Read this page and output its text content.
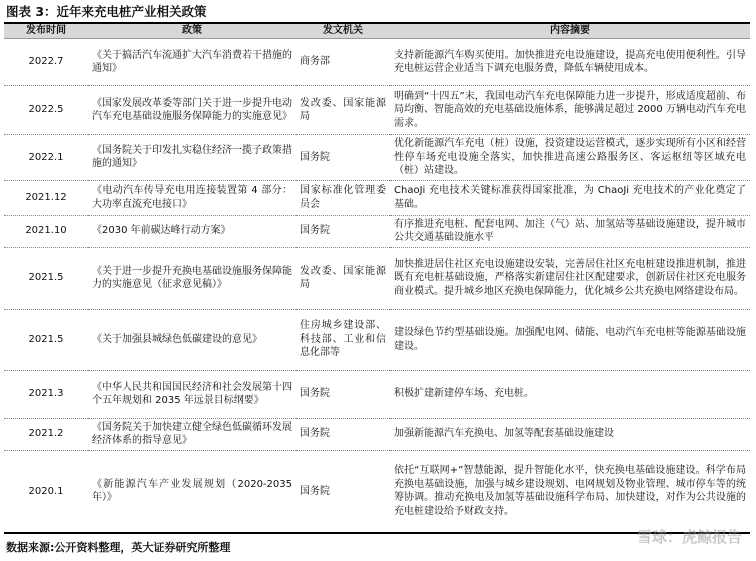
图表 3：近年来充电桩产业相关政策
发布时间	政策	发文机关	内容摘要
2022.7	《关于搞活汽车流通扩大汽车消费若干措施的通知》	商务部	支持新能源汽车购买使用。加快推进充电设施建设，提高充电使用便利性。引导充电桩运营企业适当下调充电服务费，降低车辆使用成本。
2022.5	《国家发展改革委等部门关于进一步提升电动汽车充电基础设施服务保障能力的实施意见》	发改委、国家能源局	明确到“十四五”末，我国电动汽车充电保障能力进一步提升，形成适度超前、布局均衡、智能高效的充电基础设施体系，能够满足超过 2000 万辆电动汽车充电需求。
2022.1	《国务院关于印发扎实稳住经济一揽子政策措施的通知》	国务院	优化新能源汽车充电（桩）设施，投资建设运营模式，逐步实现所有小区和经营性停车场充电设施全落实，加快推进高速公路服务区、客运枢纽等区域充电（桩）站建设。
2021.12	《电动汽车传导充电用连接装置第 4 部分：大功率直流充电接口》	国家标准化管理委员会	ChaoJi 充电技术关键标准获得国家批准，为 ChaoJi 充电技术的产业化奠定了基础。
2021.10	《2030 年前碳达峰行动方案》	国务院	有序推进充电桩、配套电网、加注（气）站、加氢站等基础设施建设，提升城市公共交通基础设施水平
2021.5	《关于进一步提升充换电基础设施服务保障能力的实施意见（征求意见稿）》	发改委、国家能源局	加快推进居住社区充电设施建设安装，完善居住社区充电桩建设推进机制，推进既有充电桩基础设施，严格落实新建居住社区配建要求，创新居住社区充电服务商业模式。提升城乡地区充换电保障能力，优化城乡公共充换电网络建设布局。
2021.5	《关于加强县城绿色低碳建设的意见》	住房城乡建设部、科技部、工业和信息化部等	建设绿色节约型基础设施。加强配电网、储能、电动汽车充电桩等能源基础设施建设。
2021.3	《中华人民共和国国民经济和社会发展第十四个五年规划和 2035 年远景目标纲要》	国务院	积极扩建新建停车场、充电桩。
2021.2	《国务院关于加快建立健全绿色低碳循环发展经济体系的指导意见》	国务院	加强新能源汽车充换电、加氢等配套基础设施建设
2020.1	《新能源汽车产业发展规划（2020-2035 年）》	国务院	依托“互联网+”智慧能源，提升智能化水平，快充换电基础设施建设。科学布局充换电基础设施，加强与城乡建设规划、电网规划及物业管理、城市停车等的统筹协调。推动充换电及加氢等基础设施科学布局、加快建设，对作为公共设施的充电桩建设给予财政支持。
雪球：虎鲸报告
数据来源:公开资料整理，英大证券研究所整理
